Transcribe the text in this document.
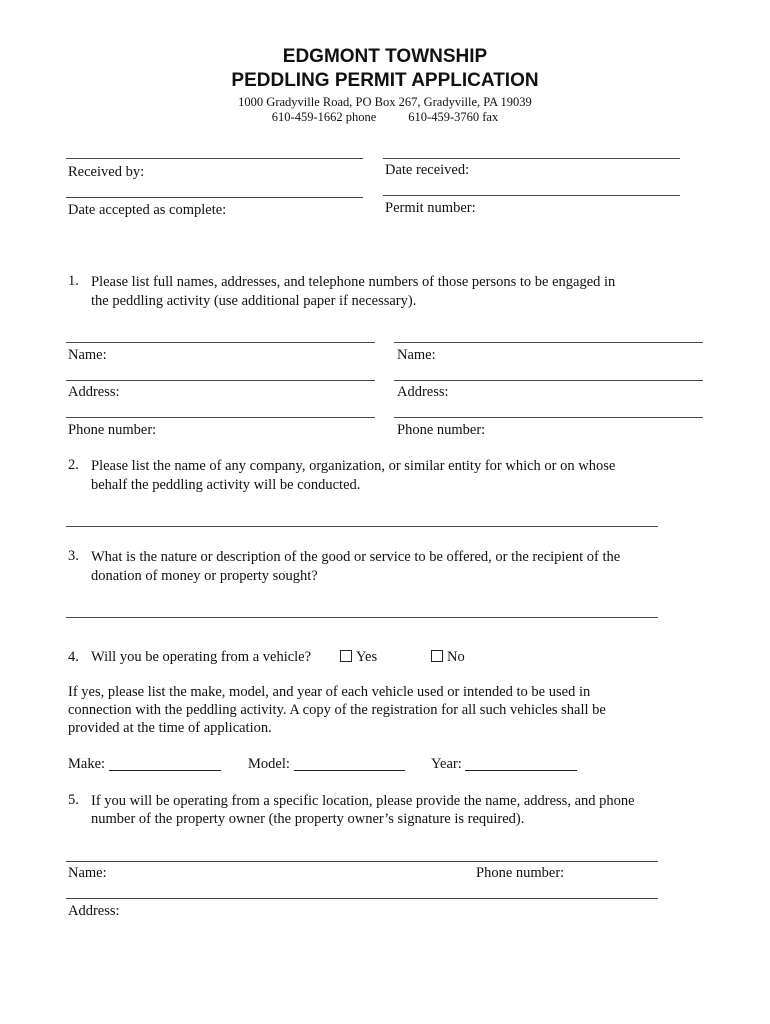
EDGMONT TOWNSHIP
PEDDLING PERMIT APPLICATION
1000 Gradyville Road, PO Box 267, Gradyville, PA 19039
610-459-1662 phone	610-459-3760 fax
Received by:	Date received:
Date accepted as complete:	Permit number:
1. Please list full names, addresses, and telephone numbers of those persons to be engaged in
the peddling activity (use additional paper if necessary).
Name:	Name:
Address:	Address:
Phone number:	Phone number:
2. Please list the name of any company, organization, or similar entity for which or on whose
behalf the peddling activity will be conducted.
3. What is the nature or description of the good or service to be offered, or the recipient of the
donation of money or property sought?
4. Will you be operating from a vehicle?	Yes	No
If yes, please list the make, model, and year of each vehicle used or intended to be used in
connection with the peddling activity. A copy of the registration for all such vehicles shall be
provided at the time of application.
Make:	Model:	Year:
5. If you will be operating from a specific location, please provide the name, address, and phone
number of the property owner (the property owner’s signature is required).
Name:	Phone number:
Address:
